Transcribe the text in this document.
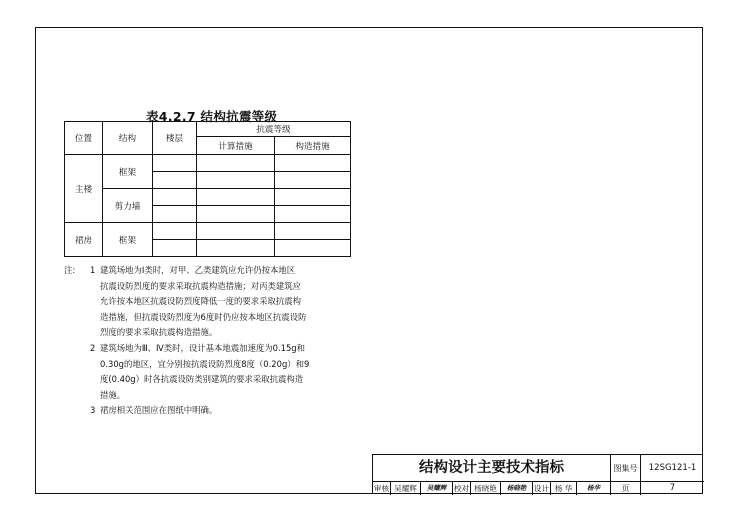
表4.2.7 结构抗震等级
位置	结构	楼层	抗震等级	
			计算措施	构造措施
主楼	框架			

	剪力墙			

裙房	框架			

注:	1 建筑场地为Ⅰ类时，对甲、乙类建筑应允许仍按本地区
抗震设防烈度的要求采取抗震构造措施；对丙类建筑应
允许按本地区抗震设防烈度降低一度的要求采取抗震构
造措施，但抗震设防烈度为6度时仍应按本地区抗震设防
烈度的要求采取抗震构造措施。
2 建筑场地为Ⅲ、Ⅳ类时，设计基本地震加速度为0.15g和
0.30g的地区，宜分别按抗震设防烈度8度（0.20g）和9
度(0.40g）时各抗震设防类别建筑的要求采取抗震构造
措施。
3 裙房相关范围应在图纸中明确。
结构设计主要技术指标	图集号	12SG121-1
页	7
审核 吴耀辉	吴耀辉	校对 杨晓艳	杨晓艳	设计 杨 华	杨华
